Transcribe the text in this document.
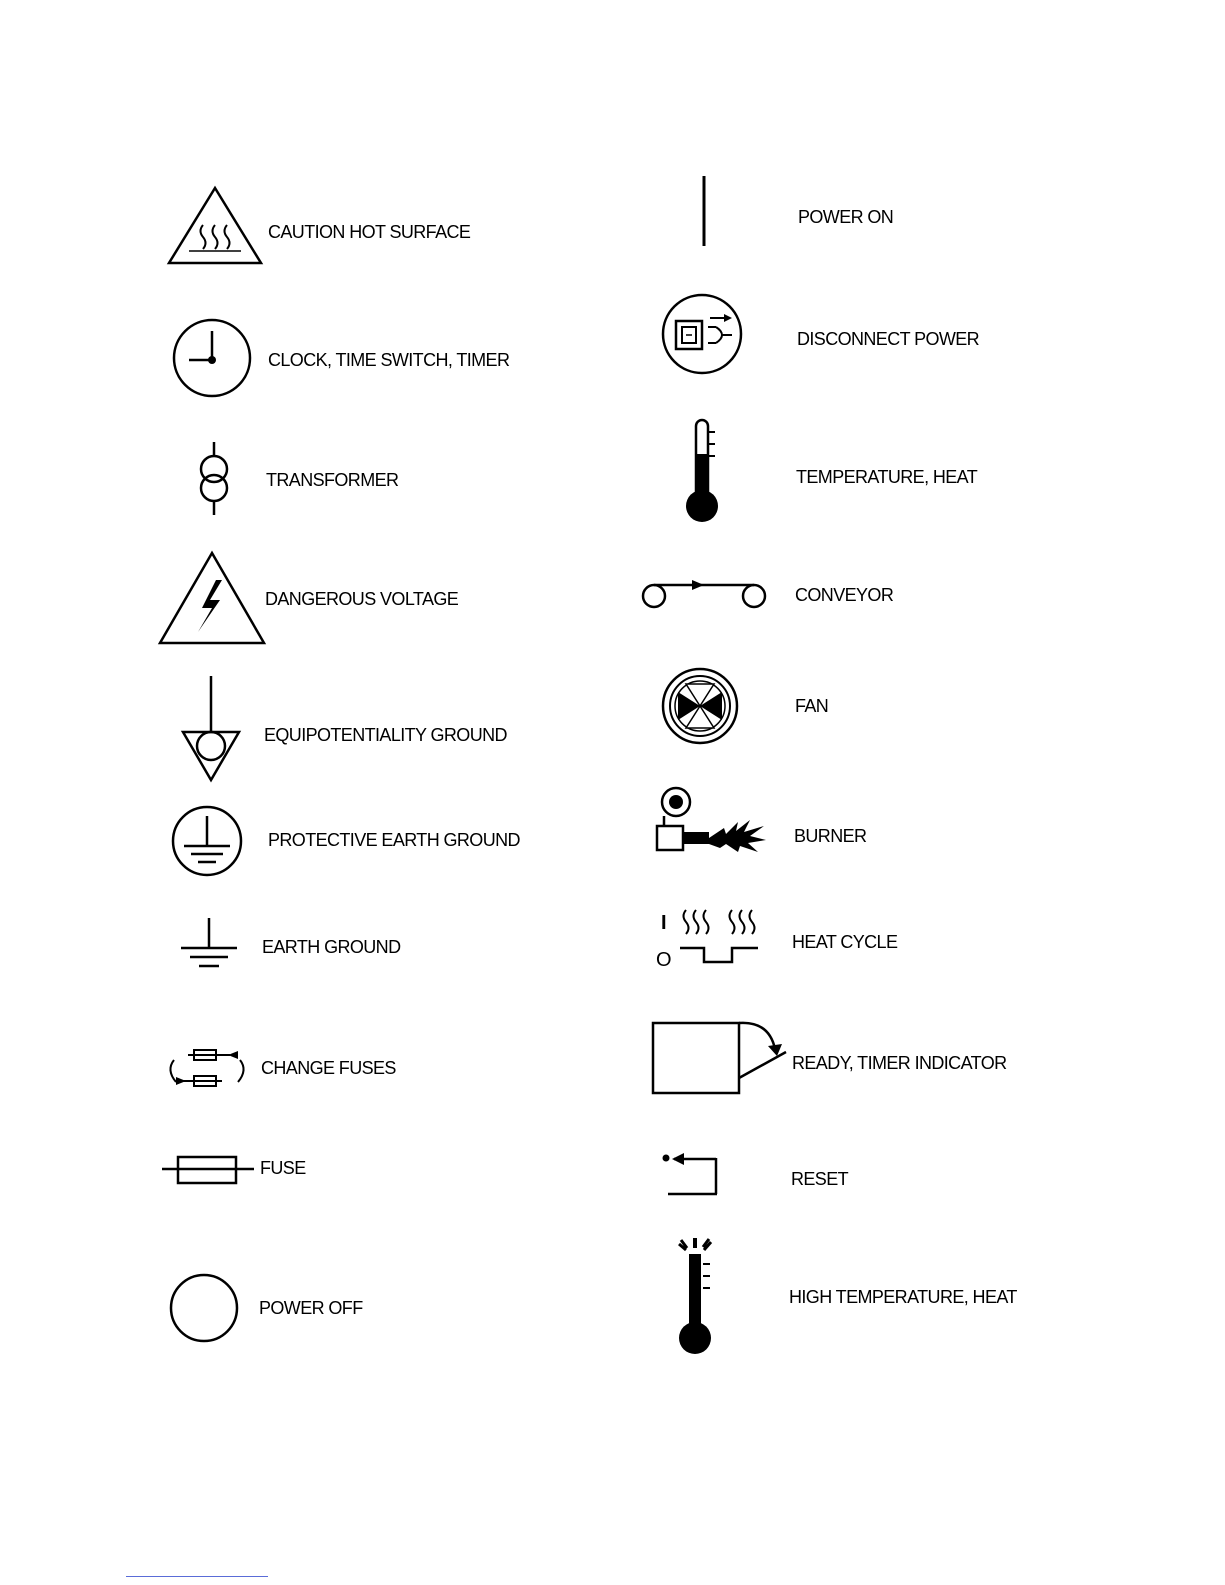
CAUTION HOT SURFACE
CLOCK, TIME SWITCH, TIMER
TRANSFORMER
DANGEROUS VOLTAGE
EQUIPOTENTIALITY GROUND
PROTECTIVE EARTH GROUND
EARTH GROUND
CHANGE FUSES
FUSE
POWER OFF
POWER ON
DISCONNECT POWER
TEMPERATURE, HEAT
CONVEYOR
FAN
BURNER
I
O
HEAT CYCLE
READY, TIMER INDICATOR
RESET
HIGH TEMPERATURE, HEAT
